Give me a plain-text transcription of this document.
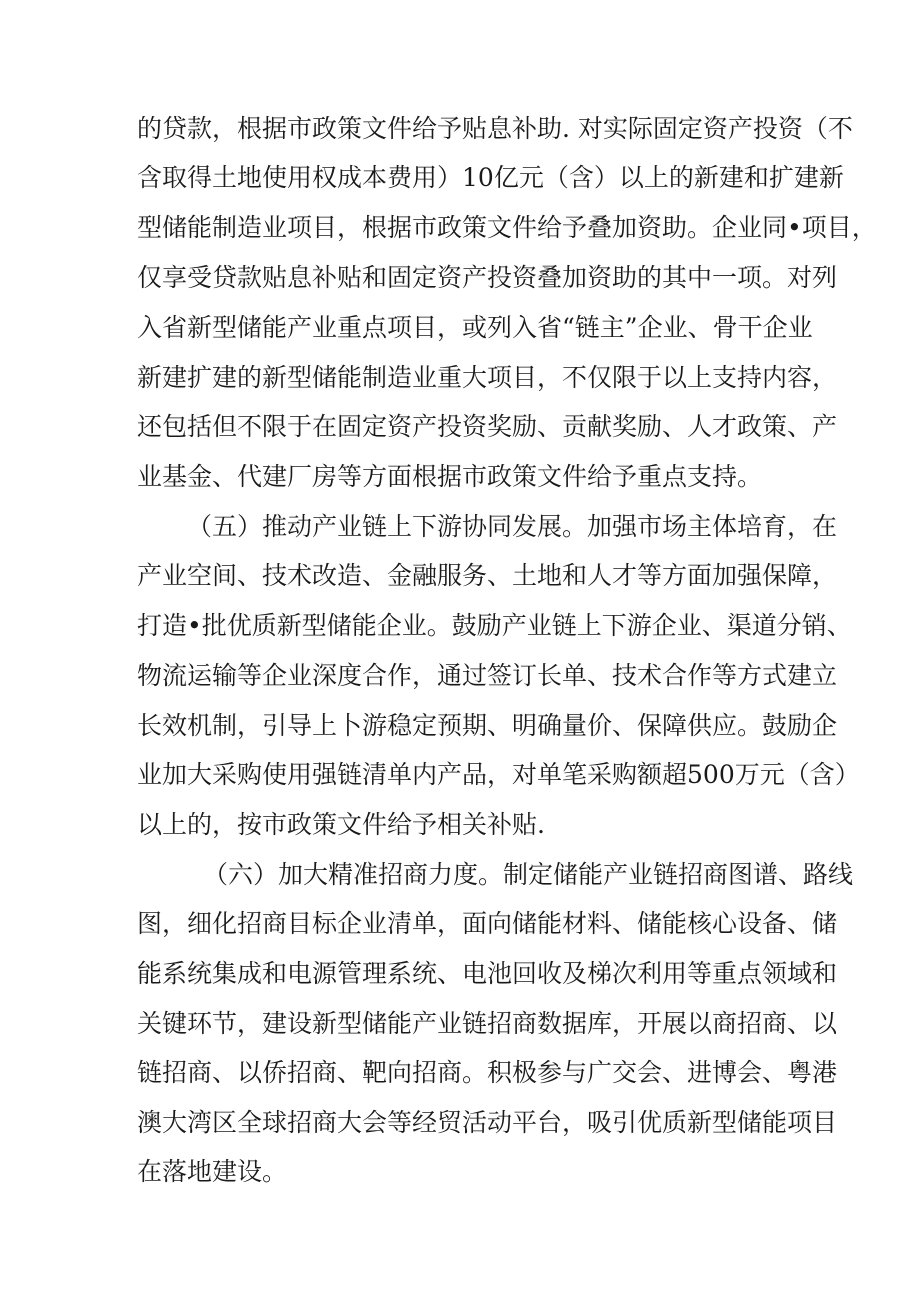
的贷款，根据市政策文件给予贴息补助. 对实际固定资产投资（不
含取得土地使用权成本费用）10亿元（含）以上的新建和扩建新
型储能制造业项目，根据市政策文件给予叠加资助。企业同•项目，
仅享受贷款贴息补贴和固定资产投资叠加资助的其中一项。对列
入省新型储能产业重点项目，或列入省“链主”企业、骨干企业
新建扩建的新型储能制造业重大项目，不仅限于以上支持内容，
还包括但不限于在固定资产投资奖励、贡献奖励、人才政策、产
业基金、代建厂房等方面根据市政策文件给予重点支持。
（五）推动产业链上下游协同发展。加强市场主体培育，在
产业空间、技术改造、金融服务、土地和人才等方面加强保障，
打造•批优质新型储能企业。鼓励产业链上下游企业、渠道分销、
物流运输等企业深度合作，通过签订长单、技术合作等方式建立
长效机制，引导上卜游稳定预期、明确量价、保障供应。鼓励企
业加大采购使用强链清单内产品，对单笔采购额超500万元（含）
以上的，按市政策文件给予相关补贴.
（六）加大精准招商力度。制定储能产业链招商图谱、路线
图，细化招商目标企业清单，面向储能材料、储能核心设备、储
能系统集成和电源管理系统、电池回收及梯次利用等重点领域和
关键环节，建设新型储能产业链招商数据库，开展以商招商、以
链招商、以侨招商、靶向招商。积极参与广交会、进博会、粤港
澳大湾区全球招商大会等经贸活动平台，吸引优质新型储能项目
在落地建设。
